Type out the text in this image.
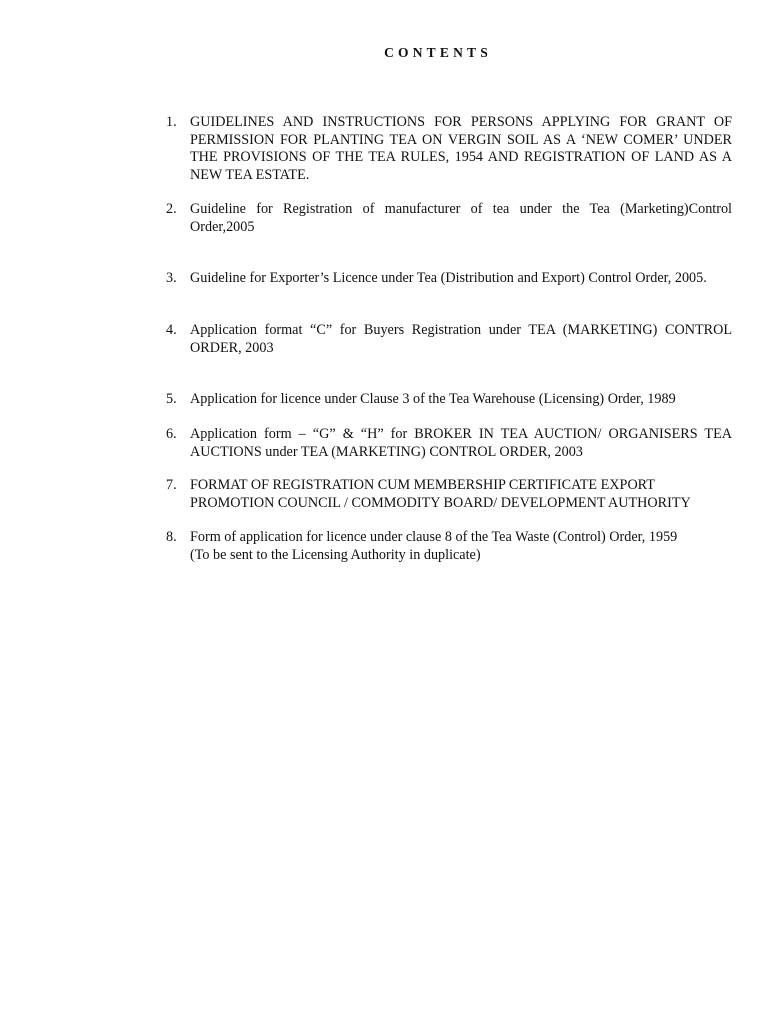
CONTENTS
1. GUIDELINES AND INSTRUCTIONS FOR PERSONS APPLYING FOR GRANT OF PERMISSION FOR PLANTING TEA ON VERGIN SOIL AS A ‘NEW COMER’ UNDER THE PROVISIONS OF THE TEA RULES, 1954 AND REGISTRATION OF LAND AS A NEW TEA ESTATE.
2. Guideline for Registration of manufacturer of tea under the Tea (Marketing)Control Order,2005
3. Guideline for Exporter’s Licence under Tea (Distribution and Export) Control Order, 2005.
4. Application format “C” for Buyers Registration under TEA (MARKETING) CONTROL ORDER, 2003
5. Application for licence under Clause 3 of the Tea Warehouse (Licensing) Order, 1989
6. Application form – “G” & “H” for BROKER IN TEA AUCTION/ ORGANISERS TEA AUCTIONS under TEA (MARKETING) CONTROL ORDER, 2003
7. FORMAT OF REGISTRATION CUM MEMBERSHIP CERTIFICATE EXPORT
PROMOTION COUNCIL / COMMODITY BOARD/ DEVELOPMENT AUTHORITY
8. Form of application for licence under clause 8 of the Tea Waste (Control) Order, 1959
(To be sent to the Licensing Authority in duplicate)
